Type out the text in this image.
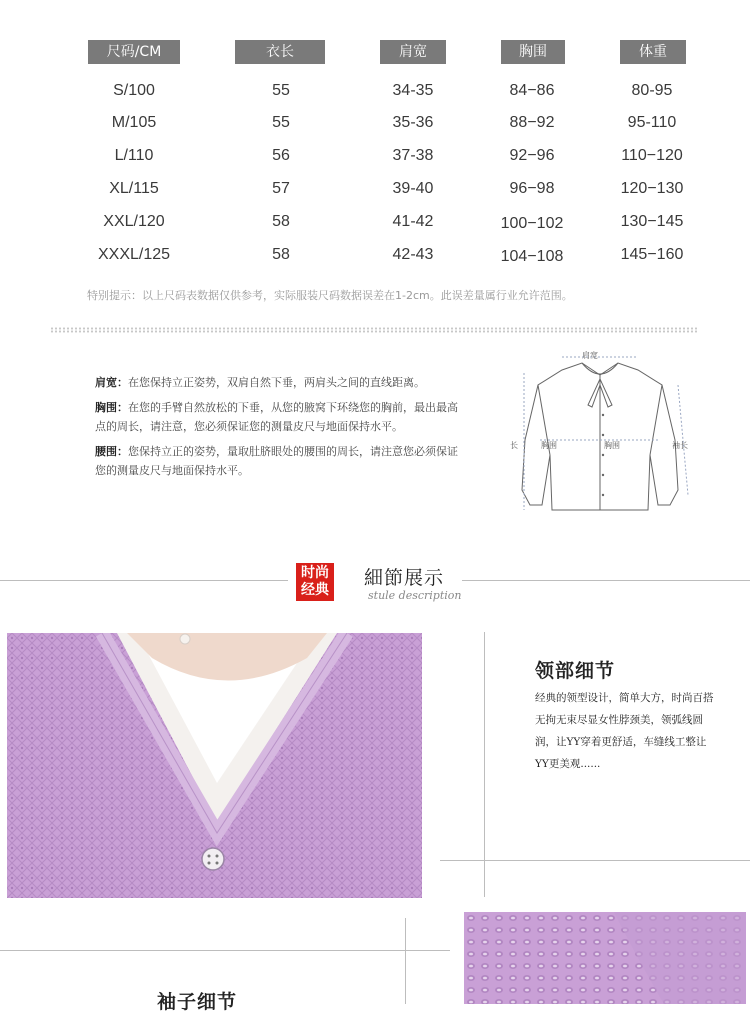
尺码/CM	衣长	肩宽	胸围	体重
S/100	55	34-35	84−86	80-95
M/105	55	35-36	88−92	95-110
L/110	56	37-38	92−96	110−120
XL/115	57	39-40	96−98	120−130
XXL/120	58	41-42	100−102	130−145
XXXL/125	58	42-43	104−108	145−160
特别提示：以上尺码表数据仅供参考，实际服装尺码数据误差在1-2cm。此误差量属行业允许范围。
肩宽：在您保持立正姿势，双肩自然下垂，两肩头之间的直线距离。
胸围：在您的手臂自然放松的下垂，从您的腋窝下环绕您的胸前，最出最高点的周长，请注意，您必须保证您的测量皮尺与地面保持水平。
腰围：您保持立正的姿势，量取肚脐眼处的腰围的周长，请注意您必须保证您的测量皮尺与地面保持水平。
肩宽
胸围	胸围
长	袖长
时尚
经典
細節展示
stule description
领部细节
经典的领型设计，简单大方，时尚百搭无拘无束尽显女性脖颈美，领弧线圆润，让YY穿着更舒适，车缝线工整让YY更美观......
袖子细节
